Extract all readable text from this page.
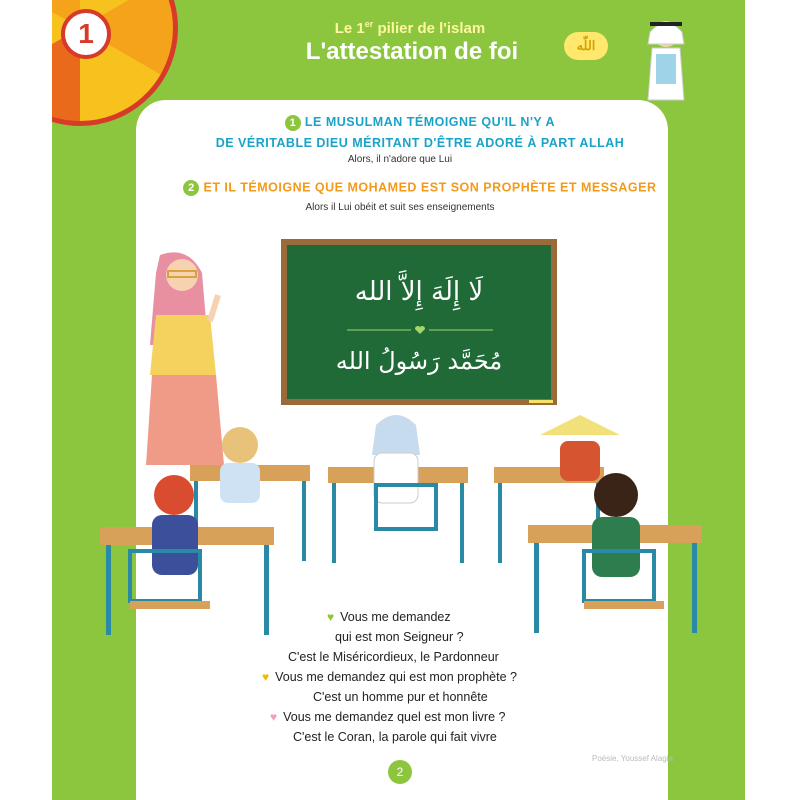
1	Le 1er pilier de l'islam
L'attestation de foi	اللّه
1 LE MUSULMAN TÉMOIGNE QU'IL N'Y A
DE VÉRITABLE DIEU MÉRITANT D'ÊTRE ADORÉ À PART ALLAH
Alors, il n'adore que Lui
2 ET IL TÉMOIGNE QUE MOHAMED EST SON PROPHÈTE ET MESSAGER
Alors il Lui obéit et suit ses enseignements
لَا إِلَهَ إِلاَّ الله
مُحَمَّد رَسُولُ الله
♥ Vous me demandez
qui est mon Seigneur ?
C'est le Miséricordieux, le Pardonneur
♥ Vous me demandez qui est mon prophète ?
C'est un homme pur et honnête
♥ Vous me demandez quel est mon livre ?
C'est le Coran, la parole qui fait vivre
2
Poésie, Youssef Alagia
